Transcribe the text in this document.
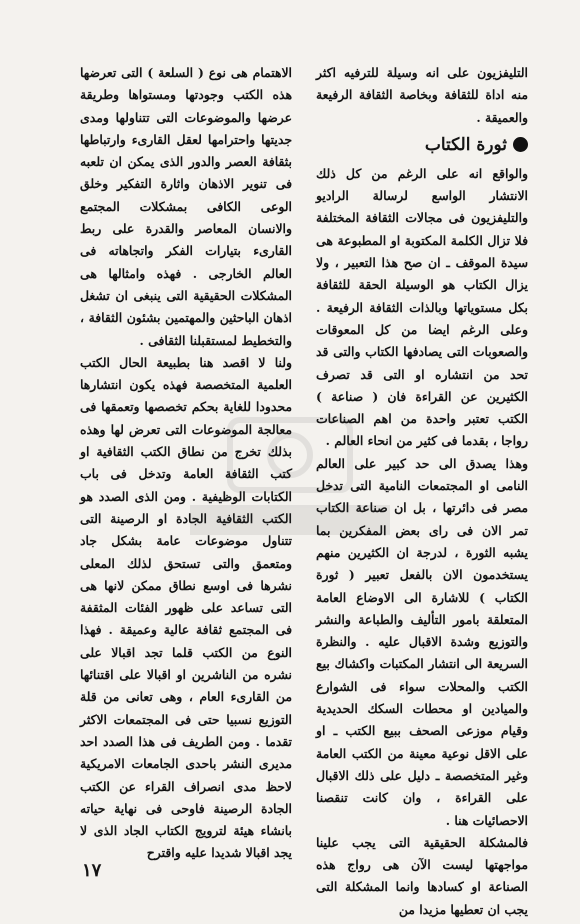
التليفزيون على انه وسيلة للترفيه اكثر منه اداة للثقافة وبخاصة الثقافة الرفيعة والعميقة .

ثورة الكتاب

والواقع انه على الرغم من كل ذلك الانتشار الواسع لرسالة الراديو والتليفزيون فى مجالات الثقافة المختلفة فلا تزال الكلمة المكتوبة او المطبوعة هى سيدة الموقف ـ ان صح هذا التعبير ، ولا يزال الكتاب هو الوسيلة الحقة للثقافة بكل مستوياتها وبالذات الثقافة الرفيعة . وعلى الرغم ايضا من كل المعوقات والصعوبات التى يصادفها الكتاب والتى قد تحد من انتشاره او التى قد تصرف الكثيرين عن القراءة فان ( صناعة ) الكتب تعتبر واحدة من اهم الصناعات رواجا ، بقدما فى كثير من انحاء العالم .

وهذا يصدق الى حد كبير على العالم النامى او المجتمعات النامية التى تدخل مصر فى دائرتها ، بل ان صناعة الكتاب تمر الان فى راى بعض المفكرين بما يشبه الثورة ، لدرجة ان الكثيرين منهم يستخدمون الان بالفعل تعبير ( ثورة الكتاب ) للاشارة الى الاوضاع العامة المتعلقة بامور التأليف والطباعة والنشر والتوزيع وشدة الاقبال عليه . والنظرة السريعة الى انتشار المكتبات واكشاك بيع الكتب والمحلات سواء فى الشوارع والميادين او محطات السكك الحديدية وقيام موزعى الصحف ببيع الكتب ـ او على الاقل نوعية معينة من الكتب العامة وغير المتخصصة ـ دليل على ذلك الاقبال على القراءة ، وان كانت تنقصنا الاحصائيات هنا .

فالمشكلة الحقيقية التى يجب علينا مواجهتها ليست الآن هى رواج هذه الصناعة او كسادها وانما المشكلة التى يجب ان تعطيها مزيدا من

الاهتمام هى نوع ( السلعة ) التى تعرضها هذه الكتب وجودتها ومستواها وطريقة عرضها والموضوعات التى تتناولها ومدى جديتها واحترامها لعقل القارىء وارتباطها بثقافة العصر والدور الذى يمكن ان تلعبه فى تنوير الاذهان واثارة التفكير وخلق الوعى الكافى بمشكلات المجتمع والانسان المعاصر والقدرة على ربط القارىء بتيارات الفكر واتجاهاته فى العالم الخارجى . فهذه وامثالها هى المشكلات الحقيقية التى ينبغى ان تشغل اذهان الباحثين والمهتمين بشئون الثقافة ، والتخطيط لمستقبلنا الثقافى .

ولنا لا اقصد هنا بطبيعة الحال الكتب العلمية المتخصصة فهذه يكون انتشارها محدودا للغاية بحكم تخصصها وتعمقها فى معالجة الموضوعات التى تعرض لها وهذه بذلك تخرج من نطاق الكتب الثقافية او كتب الثقافة العامة وتدخل فى باب الكتابات الوظيفية . ومن الذى الصدد هو الكتب الثقافية الجادة او الرصينة التى تتناول موضوعات عامة بشكل جاد ومتعمق والتى تستحق لذلك المعلى نشرها فى اوسع نطاق ممكن لانها هى التى تساعد على ظهور الفئات المثقفة فى المجتمع ثقافة عالية وعميقة . فهذا النوع من الكتب قلما تجد اقبالا على نشره من الناشرين او اقبالا على اقتنائها من القارىء العام ، وهى تعانى من قلة التوزيع نسبيا حتى فى المجتمعات الاكثر تقدما . ومن الطريف فى هذا الصدد احد مديرى النشر باحدى الجامعات الامريكية لاحظ مدى انصراف القراء عن الكتب الجادة الرصينة فاوحى فى نهاية حياته بانشاء هيئة لترويج الكتاب الجاد الذى لا يجد اقبالا شديدا عليه واقترح

١٧
